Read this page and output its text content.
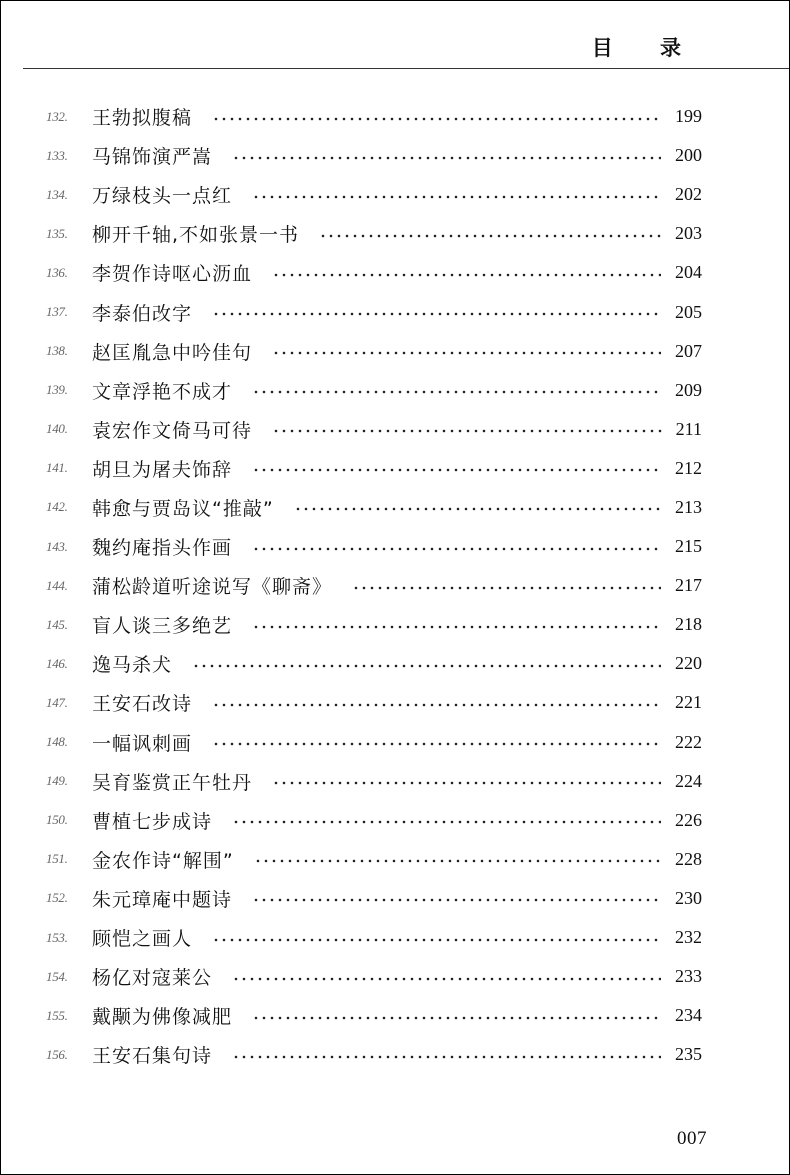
目 录
132.	王勃拟腹稿	199
133.	马锦饰演严嵩	200
134.	万绿枝头一点红	202
135.	柳开千轴,不如张景一书	203
136.	李贺作诗呕心沥血	204
137.	李泰伯改字	205
138.	赵匡胤急中吟佳句	207
139.	文章浮艳不成才	209
140.	袁宏作文倚马可待	211
141.	胡旦为屠夫饰辞	212
142.	韩愈与贾岛议“推敲”	213
143.	魏约庵指头作画	215
144.	蒲松龄道听途说写《聊斋》	217
145.	盲人谈三多绝艺	218
146.	逸马杀犬	220
147.	王安石改诗	221
148.	一幅讽刺画	222
149.	吴育鉴赏正午牡丹	224
150.	曹植七步成诗	226
151.	金农作诗“解围”	228
152.	朱元璋庵中题诗	230
153.	顾恺之画人	232
154.	杨亿对寇莱公	233
155.	戴颙为佛像减肥	234
156.	王安石集句诗	235
007
